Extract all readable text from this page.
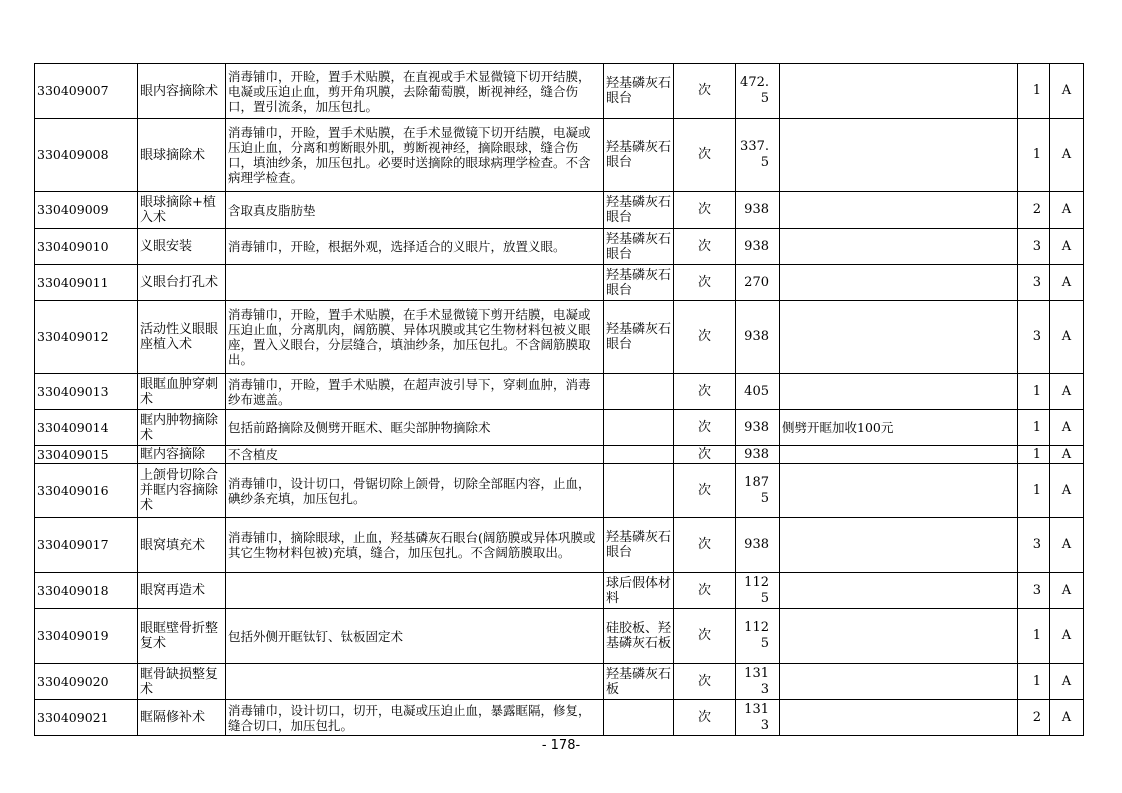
330409007	眼内容摘除术	消毒铺巾，开睑，置手术贴膜，在直视或手术显微镜下切开结膜，电凝或压迫止血，剪开角巩膜，去除葡萄膜，断视神经，缝合伤口，置引流条，加压包扎。	羟基磷灰石眼台	次	472.5		1	A
330409008	眼球摘除术	消毒铺巾，开睑，置手术贴膜，在手术显微镜下切开结膜，电凝或压迫止血，分离和剪断眼外肌，剪断视神经，摘除眼球，缝合伤口，填油纱条，加压包扎。必要时送摘除的眼球病理学检查。不含病理学检查。	羟基磷灰石眼台	次	337.5		1	A
330409009	眼球摘除+植入术	含取真皮脂肪垫	羟基磷灰石眼台	次	938		2	A
330409010	义眼安装	消毒铺巾，开睑，根据外观，选择适合的义眼片，放置义眼。	羟基磷灰石眼台	次	938		3	A
330409011	义眼台打孔术		羟基磷灰石眼台	次	270		3	A
330409012	活动性义眼眼座植入术	消毒铺巾，开睑，置手术贴膜，在手术显微镜下剪开结膜，电凝或压迫止血，分离肌肉，阔筋膜、异体巩膜或其它生物材料包被义眼座，置入义眼台，分层缝合，填油纱条，加压包扎。不含阔筋膜取出。	羟基磷灰石眼台	次	938		3	A
330409013	眼眶血肿穿刺术	消毒铺巾，开睑，置手术贴膜，在超声波引导下，穿刺血肿，消毒纱布遮盖。		次	405		1	A
330409014	眶内肿物摘除术	包括前路摘除及侧劈开眶术、眶尖部肿物摘除术		次	938	侧劈开眶加收100元	1	A
330409015	眶内容摘除	不含植皮		次	938		1	A
330409016	上颌骨切除合并眶内容摘除术	消毒铺巾，设计切口，骨锯切除上颌骨，切除全部眶内容，止血，碘纱条充填，加压包扎。		次	1875		1	A
330409017	眼窝填充术	消毒铺巾，摘除眼球，止血，羟基磷灰石眼台(阔筋膜或异体巩膜或其它生物材料包被)充填，缝合，加压包扎。不含阔筋膜取出。	羟基磷灰石眼台	次	938		3	A
330409018	眼窝再造术		球后假体材料	次	1125		3	A
330409019	眼眶壁骨折整复术	包括外侧开眶钛钉、钛板固定术	硅胶板、羟基磷灰石板	次	1125		1	A
330409020	眶骨缺损整复术		羟基磷灰石板	次	1313		1	A
330409021	眶隔修补术	消毒铺巾，设计切口，切开，电凝或压迫止血，暴露眶隔，修复，缝合切口，加压包扎。		次	1313		2	A
- 178-
